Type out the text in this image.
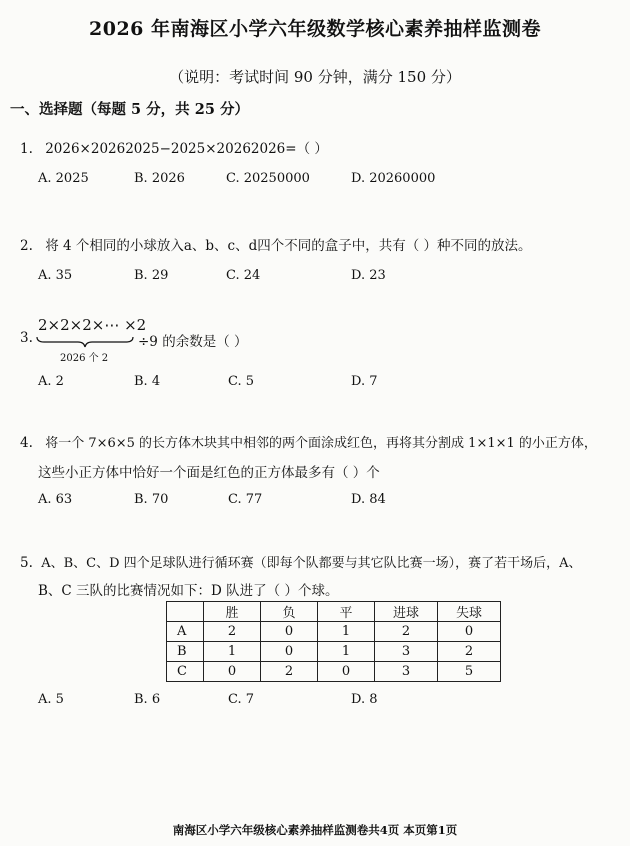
2026 年南海区小学六年级数学核心素养抽样监测卷
（说明：考试时间 90 分钟，满分 150 分）
一、选择题（每题 5 分，共 25 分）
1. 2026×20262025−2025×20262026=（ ）
A. 2025	B. 2026	C. 20250000	D. 20260000
2. 将 4 个相同的小球放入a、b、c、d四个不同的盒子中，共有（ ）种不同的放法。
A. 35	B. 29	C. 24	D. 23
3.
2×2×2×⋯ ×2
2026 个 2
÷9 的余数是（ ）
A. 2	B. 4	C. 5	D. 7
4. 将一个 7×6×5 的长方体木块其中相邻的两个面涂成红色，再将其分割成 1×1×1 的小正方体，
这些小正方体中恰好一个面是红色的正方体最多有（ ）个
A. 63	B. 70	C. 77	D. 84
5. A、B、C、D 四个足球队进行循环赛（即每个队都要与其它队比赛一场），赛了若干场后，A、
B、C 三队的比赛情况如下：D 队进了（ ）个球。
	胜	负	平	进球	失球
A	2	0	1	2	0
B	1	0	1	3	2
C	0	2	0	3	5
A. 5	B. 6	C. 7	D. 8
南海区小学六年级核心素养抽样监测卷共4页 本页第1页
